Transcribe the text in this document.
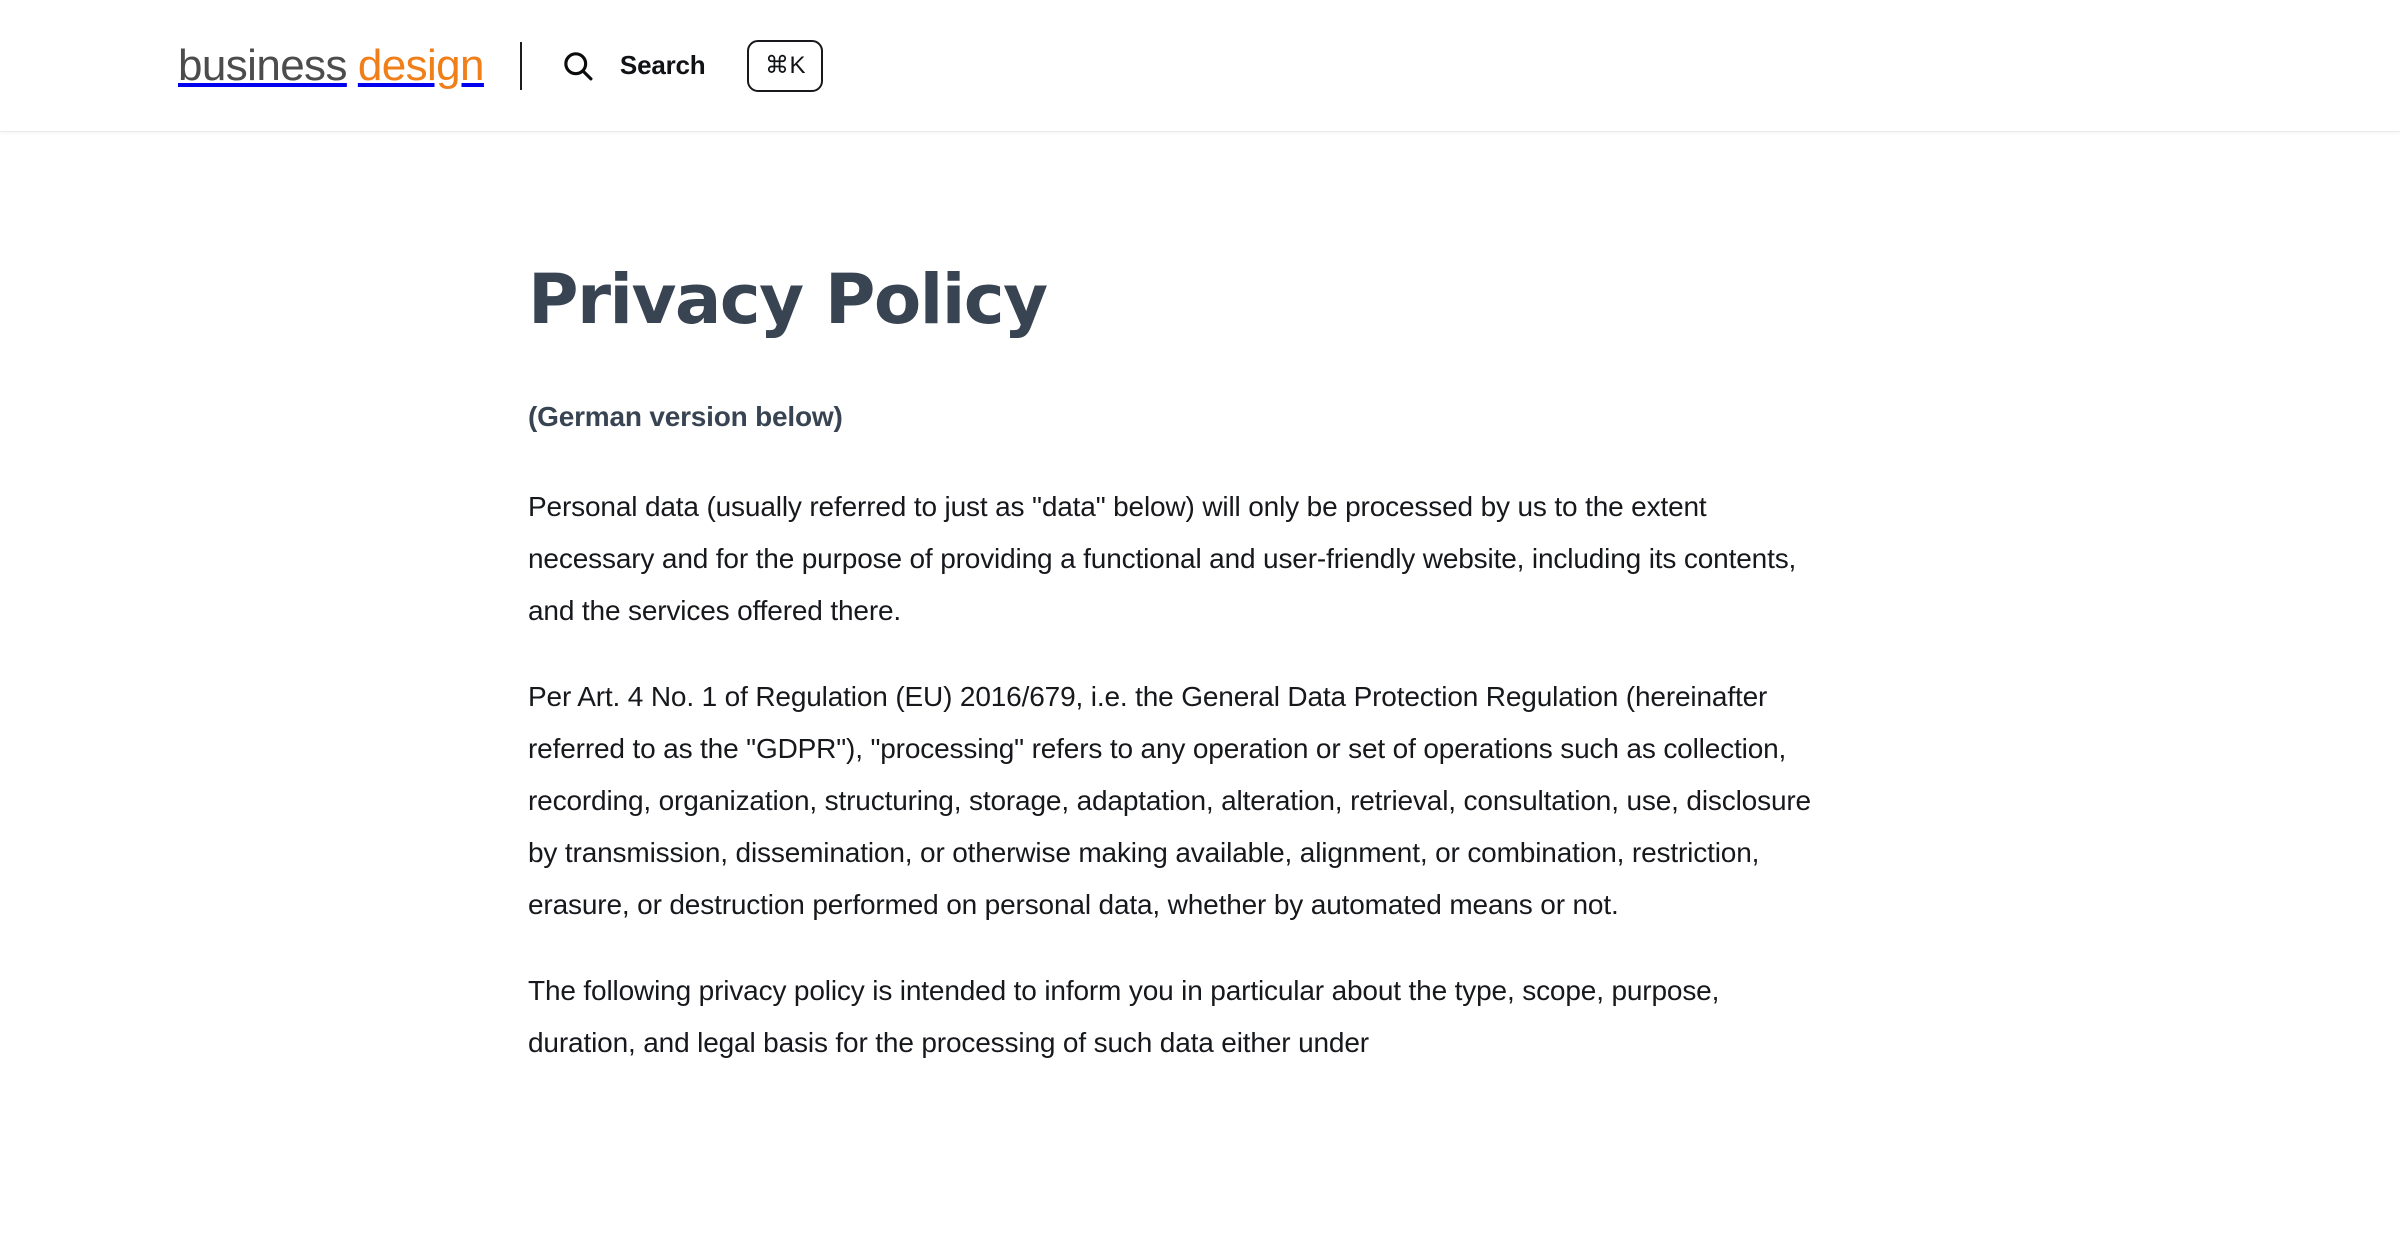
business design	Search	⌘K
Privacy Policy

(German version below)

Personal data (usually referred to just as "data" below) will only be processed by us to the extent necessary and for the purpose of providing a functional and user-friendly website, including its contents, and the services offered there.

Per Art. 4 No. 1 of Regulation (EU) 2016/679, i.e. the General Data Protection Regulation (hereinafter referred to as the "GDPR"), "processing" refers to any operation or set of operations such as collection, recording, organization, structuring, storage, adaptation, alteration, retrieval, consultation, use, disclosure by transmission, dissemination, or otherwise making available, alignment, or combination, restriction, erasure, or destruction performed on personal data, whether by automated means or not.

The following privacy policy is intended to inform you in particular about the type, scope, purpose, duration, and legal basis for the processing of such data either under
